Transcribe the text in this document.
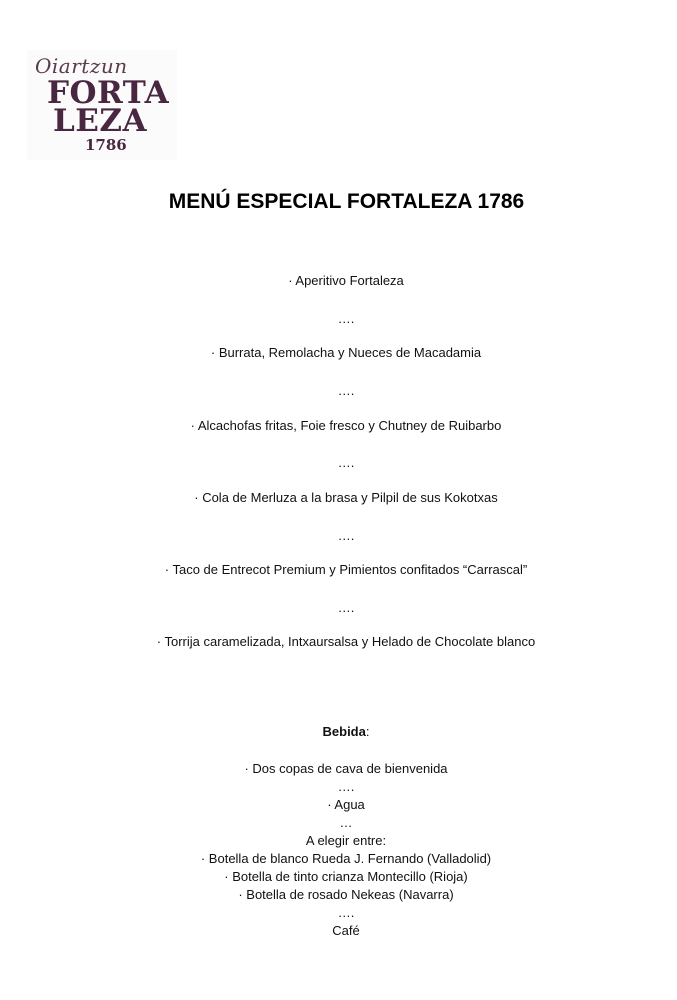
Oiartzun
FORTA
LEZA
1786
MENÚ ESPECIAL FORTALEZA 1786
· Aperitivo Fortaleza
….
· Burrata, Remolacha y Nueces de Macadamia
….
· Alcachofas fritas, Foie fresco y Chutney de Ruibarbo
….
· Cola de Merluza a la brasa y Pilpil de sus Kokotxas
….
· Taco de Entrecot Premium y Pimientos confitados “Carrascal”
….
· Torrija caramelizada, Intxaursalsa y Helado de Chocolate blanco
Bebida:
· Dos copas de cava de bienvenida
….
· Agua
…
A elegir entre:
· Botella de blanco Rueda J. Fernando (Valladolid)
· Botella de tinto crianza Montecillo (Rioja)
· Botella de rosado Nekeas (Navarra)
….
Café
